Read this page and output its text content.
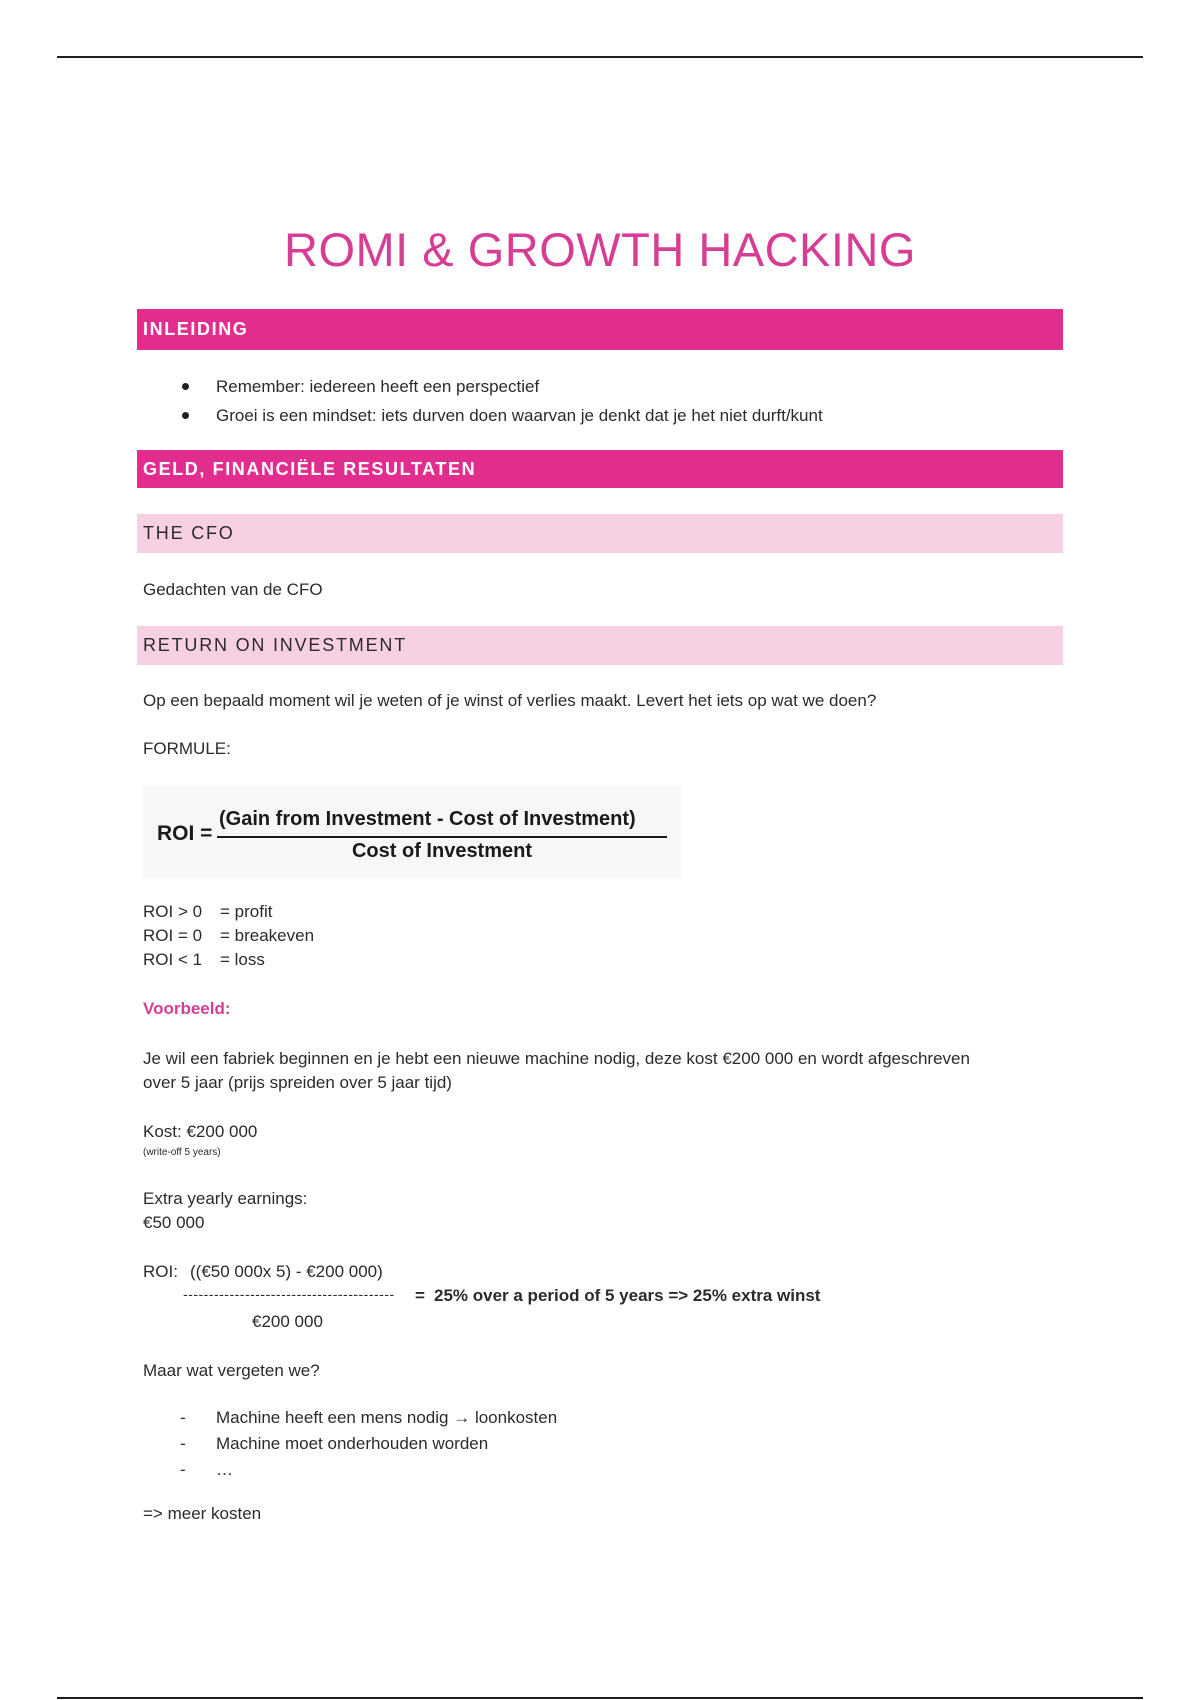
ROMI & GROWTH HACKING
INLEIDING
Remember: iedereen heeft een perspectief
Groei is een mindset: iets durven doen waarvan je denkt dat je het niet durft/kunt
GELD, FINANCIËLE RESULTATEN
THE CFO
Gedachten van de CFO
RETURN ON INVESTMENT
Op een bepaald moment wil je weten of je winst of verlies maakt. Levert het iets op wat we doen?
FORMULE:
ROI =
(Gain from Investment - Cost of Investment)
Cost of Investment
ROI > 0	= profit
ROI = 0	= breakeven
ROI < 1	= loss
Voorbeeld:
Je wil een fabriek beginnen en je hebt een nieuwe machine nodig, deze kost €200 000 en wordt afgeschreven
over 5 jaar (prijs spreiden over 5 jaar tijd)
Kost: €200 000
(write-off 5 years)
Extra yearly earnings:
€50 000
ROI: ((€50 000x 5) - €200 000)
----------------------------------------- = 25% over a period of 5 years => 25% extra winst
€200 000
Maar wat vergeten we?
- Machine heeft een mens nodig → loonkosten
- Machine moet onderhouden worden
- …
=> meer kosten
